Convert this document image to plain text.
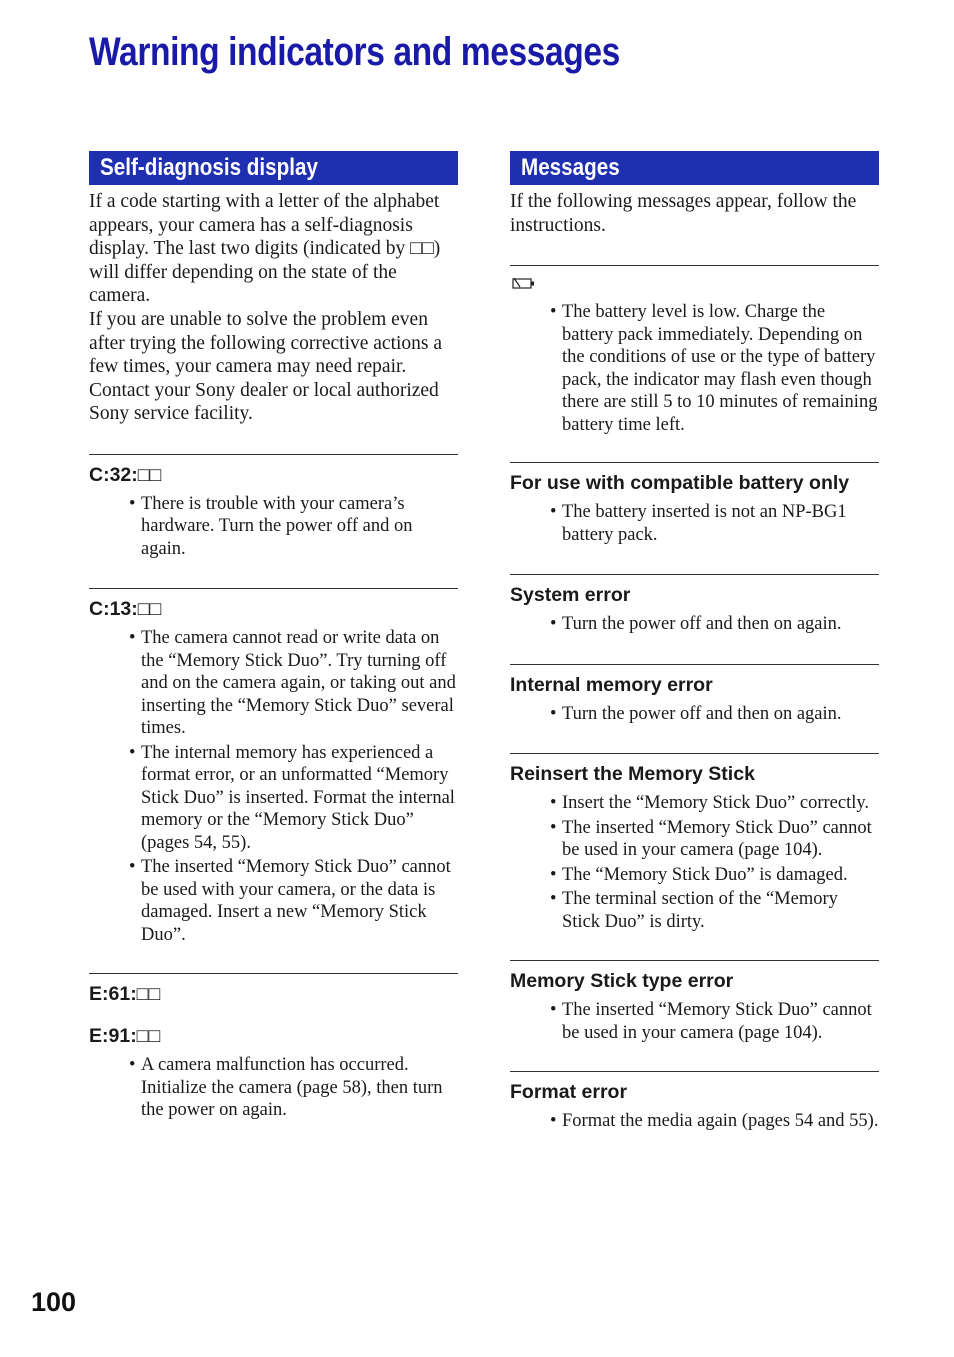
Warning indicators and messages
Self-diagnosis display

If a code starting with a letter of the alphabet appears, your camera has a self-diagnosis display. The last two digits (indicated by □□) will differ depending on the state of the camera.

If you are unable to solve the problem even after trying the following corrective actions a few times, your camera may need repair. Contact your Sony dealer or local authorized Sony service facility.

C:32:□□
• There is trouble with your camera’s hardware. Turn the power off and on again.
C:13:□□
• The camera cannot read or write data on the “Memory Stick Duo”. Try turning off and on the camera again, or taking out and inserting the “Memory Stick Duo” several times.
• The internal memory has experienced a format error, or an unformatted “Memory Stick Duo” is inserted. Format the internal memory or the “Memory Stick Duo” (pages 54, 55).
• The inserted “Memory Stick Duo” cannot be used with your camera, or the data is damaged. Insert a new “Memory Stick Duo”.
E:61:□□
E:91:□□
• A camera malfunction has occurred. Initialize the camera (page 58), then turn the power on again.
Messages

If the following messages appear, follow the instructions.

• The battery level is low. Charge the battery pack immediately. Depending on the conditions of use or the type of battery pack, the indicator may flash even though there are still 5 to 10 minutes of remaining battery time left.
For use with compatible battery only
• The battery inserted is not an NP-BG1 battery pack.
System error
• Turn the power off and then on again.
Internal memory error
• Turn the power off and then on again.
Reinsert the Memory Stick
• Insert the “Memory Stick Duo” correctly.
• The inserted “Memory Stick Duo” cannot be used in your camera (page 104).
• The “Memory Stick Duo” is damaged.
• The terminal section of the “Memory Stick Duo” is dirty.
Memory Stick type error
• The inserted “Memory Stick Duo” cannot be used in your camera (page 104).
Format error
• Format the media again (pages 54 and 55).
100
